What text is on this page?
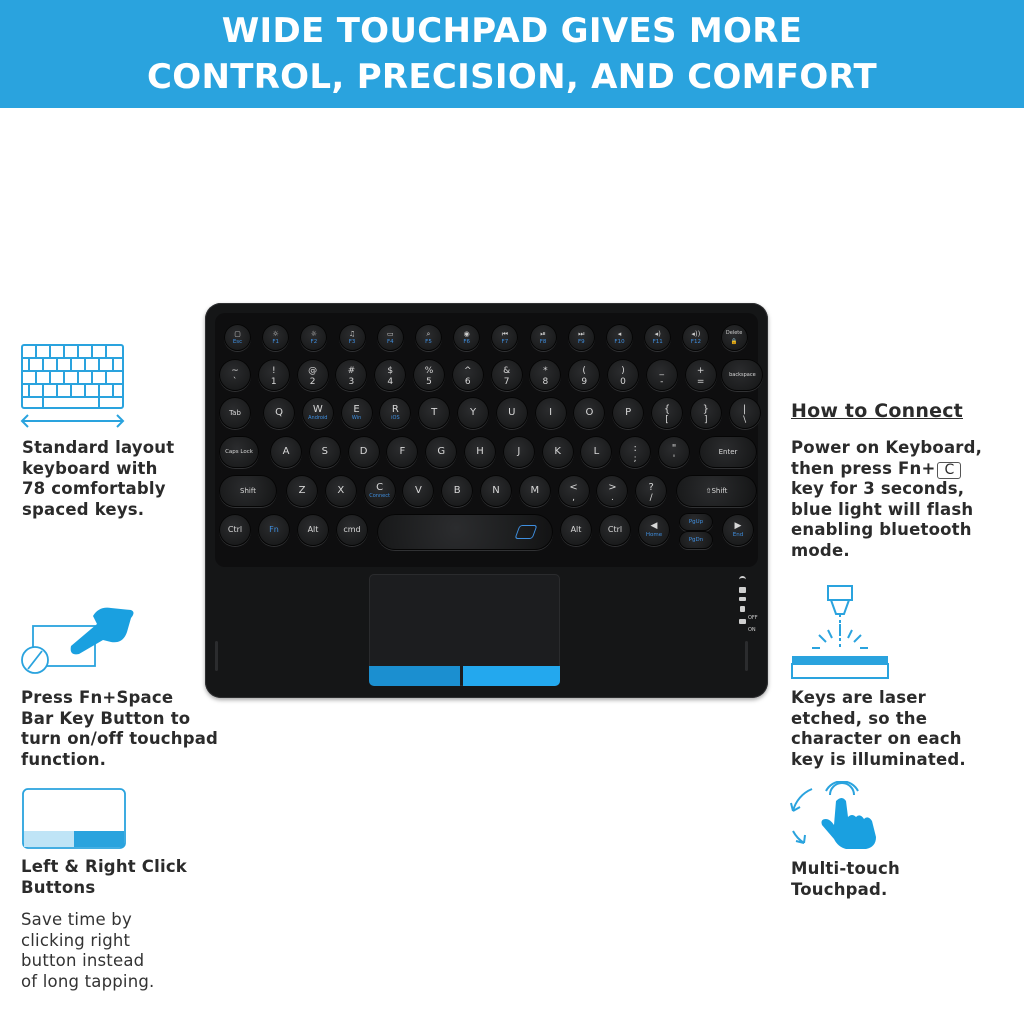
WIDE TOUCHPAD GIVES MORE
CONTROL, PRECISION, AND COMFORT
Standard layout
keyboard with
78 comfortably
spaced keys.
Press Fn+Space
Bar Key Button to
turn on/off touchpad
function.
Left & Right Click
Buttons
Save time by
clicking right
button instead
of long tapping.
How to Connect
Power on Keyboard,
then press Fn+ C
key for 3 seconds,
blue light will flash
enabling bluetooth
mode.
Keys are laser
etched, so the
character on each
key is illuminated.
Multi-touch
Touchpad.
▢
Esc
☼
F1
☼
F2
♫
F3
▭
F4
⌕
F5
◉
F6
⏮
F7
⏯
F8
⏭
F9
◂
F10
◂)
F11
◂))
F12
Delete
🔒
~
`
!
1
@
2
#
3
$
4
%
5
^
6
&
7
*
8
(
9
)
0
_
-
+
=
backspace
Tab	Q	W
Android
E
Win
R
iOS	T	Y	U	I	O	P	{
[
}
]
|
\
Caps Lock	A	S	D	F	G	H	J	K	L	:
;
"
'
Enter
Shift	Z	X	C
Connect	V	B	N	M	<
,
>
.
?
/
⇧Shift
Ctrl	Fn	Alt	cmd	Alt	Ctrl	◀
Home
PgUp
PgDn
▶
End
OFF
ON
